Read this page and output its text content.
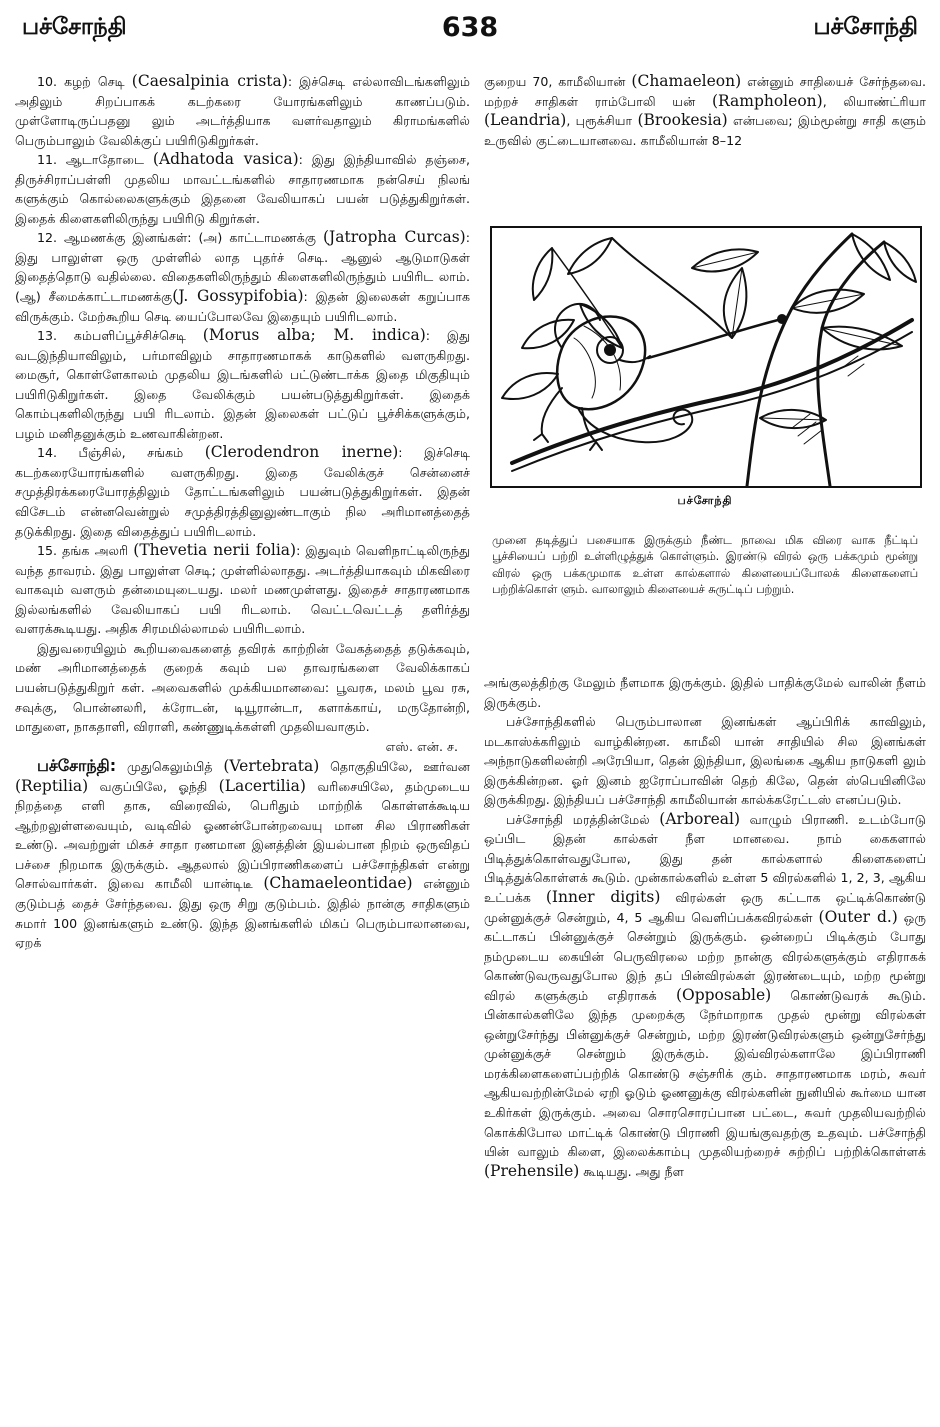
பச்சோந்தி	638	பச்சோந்தி

10. கழற் செடி (Caesalpinia crista): இச்செடி எல்லாவிடங்களிலும் அதிலும் சிறப்பாகக் கடற்கரை யோரங்களிலும் காணப்படும். முள்ளோடிருப்பதனு லும் அடர்த்தியாக வளர்வதாலும் கிராமங்களில் பெரும்பாலும் வேலிக்குப் பயிரிடுகிறுர்கள்.

11. ஆடாதோடை (Adhatoda vasica): இது இந்தியாவில் தஞ்சை, திருச்சிராப்பள்ளி முதலிய மாவட்டங்களில் சாதாரணமாக நன்செய் நிலங் களுக்கும் கொல்லைகளுக்கும் இதனை வேலியாகப் பயன் படுத்துகிறுர்கள். இதைக் கிளைகளிலிருந்து பயிரிடு கிறுர்கள்.

12. ஆமணக்கு இனங்கள்: (அ) காட்டாமணக்கு (Jatropha Curcas): இது பாலுள்ள ஒரு முள்ளில் லாத புதர்ச் செடி. ஆனுல் ஆடுமாடுகள் இதைத்தொடு வதில்லை. விதைகளிலிருந்தும் கிளைகளிலிருந்தும் பயிரிட லாம். (ஆ) சீமைக்காட்டாமணக்கு(J. Gossypifobia): இதன் இலைகள் கறுப்பாக விருக்கும். மேற்கூறிய செடி யைப்போலவே இதையும் பயிரிடலாம்.

13. கம்பளிப்பூச்சிச்செடி (Morus alba; M. indica): இது வடஇந்தியாவிலும், பர்மாவிலும் சாதாரணமாகக் காடுகளில் வளருகிறது. மைசூர், கொள்ளேகாலம் முதலிய இடங்களில் பட்டுண்டாக்க இதை மிகுதியும் பயிரிடுகிறுர்கள். இதை வேலிக்கும் பயன்படுத்துகிறுர்கள். இதைக் கொம்புகளிலிருந்து பயி ரிடலாம். இதன் இலைகள் பட்டுப் பூச்சிக்களுக்கும், பழம் மனிதனுக்கும் உணவாகின்றன.

14. பீஞ்சில், சங்கம் (Clerodendron inerne): இச்செடி கடற்கரையோரங்களில் வளருகிறது. இதை வேலிக்குச் சென்னைச் சமுத்திரக்கரையோரத்திலும் தோட்டங்களிலும் பயன்படுத்துகிறுர்கள். இதன் விசேடம் என்னவென்றுல் சமுத்திரத்தினுலுண்டாகும் நில அரிமானத்தைத் தடுக்கிறது. இதை விதைத்துப் பயிரிடலாம்.

15. தங்க அலரி (Thevetia nerii folia): இதுவும் வெளிநாட்டிலிருந்து வந்த தாவரம். இது பாலுள்ள செடி; முள்ளில்லாதது. அடர்த்தியாகவும் மிகவிரை வாகவும் வளரும் தன்மையுடையது. மலர் மணமுள்ளது. இதைச் சாதாரணமாக இல்லங்களில் வேலியாகப் பயி ரிடலாம். வெட்டவெட்டத் தளிர்த்து வளரக்கூடியது. அதிக சிரமமில்லாமல் பயிரிடலாம்.

இதுவரையிலும் கூறியவைகளைத் தவிரக் காற்றின் வேகத்தைத் தடுக்கவும், மண் அரிமானத்தைக் குறைக் கவும் பல தாவரங்களை வேலிக்காகப் பயன்படுத்துகிறுர் கள். அவைகளில் முக்கியமானவை: பூவரசு, மலம் பூவ ரசு, சவுக்கு, பொன்னலரி, க்ரோடன், டியூரான்டா, களாக்காய், மருதோன்றி, மாதுளை, நாகதாளி, விராளி, கண்ணுடிக்கள்ளி முதலியவாகும்.

எஸ். என். ச.

பச்சோந்தி: முதுகெலும்பித் (Vertebrata) தொகுதியிலே, ஊர்வன (Reptilia) வகுப்பிலே, ஓந்தி (Lacertilia) வரிசையிலே, தம்முடைய நிறத்தை எளி தாக, விரைவில், பெரிதும் மாற்றிக் கொள்ளக்கூடிய ஆற்றலுள்ளவையும், வடிவில் ஓணன்போன்றவையு மான சில பிராணிகள் உண்டு. அவற்றுள் மிகச் சாதா ரணமான இனத்தின் இயல்பான நிறம் ஒருவிதப் பச்சை நிறமாக இருக்கும். ஆதலால் இப்பிராணிகளைப் பச்சோந்திகள் என்று சொல்வார்கள். இவை காமீலி யான்டிடீ (Chamaeleontidae) என்னும் குடும்பத் தைச் சேர்ந்தவை. இது ஒரு சிறு குடும்பம். இதில் நான்கு சாதிகளும் சுமார் 100 இனங்களும் உண்டு. இந்த இனங்களில் மிகப் பெரும்பாலானவை, ஏறக்

குறைய 70, காமீலியான் (Chamaeleon) என்னும் சாதியைச் சேர்ந்தவை. மற்றச் சாதிகள் ராம்போலி யன் (Rampholeon), லியாண்ட்ரியா (Leandria), புரூக்சியா (Brookesia) என்பவை; இம்மூன்று சாதி களும் உருவில் குட்டையானவை. காமீலியான் 8–12

பச்சோந்தி

முனை தடித்துப் பசையாக இருக்கும் நீண்ட நாவை மிக விரை வாக நீட்டிப் பூச்சியைப் பற்றி உள்ளிழுத்துக் கொள்ளும். இரண்டு விரல் ஒரு பக்கமும் மூன்று விரல் ஒரு பக்கமுமாக உள்ள கால்களால் கிளையைப்போலக் கிளைகளைப் பற்றிக்கொள் ளும். வாலாலும் கிளையைச் சுருட்டிப் பற்றும்.

அங்குலத்திற்கு மேலும் நீளமாக இருக்கும். இதில் பாதிக்குமேல் வாலின் நீளம் இருக்கும்.

பச்சோந்திகளில் பெரும்பாலான இனங்கள் ஆப்பிரிக் காவிலும், மடகாஸ்க்கரிலும் வாழ்கின்றன. காமீலி யான் சாதியில் சில இனங்கள் அந்நாடுகளிலன்றி அரேபியா, தென் இந்தியா, இலங்கை ஆகிய நாடுகளி லும் இருக்கின்றன. ஓர் இனம் ஐரோப்பாவின் தெற் கிலே, தென் ஸ்பெயினிலே இருக்கிறது. இந்தியப் பச்சோந்தி காமீலியான் கால்க்கரேட்டஸ் எனப்படும்.

பச்சோந்தி மரத்தின்மேல் (Arboreal) வாழும் பிராணி. உடம்போடு ஒப்பிட இதன் கால்கள் நீள மானவை. நாம் கைகளால் பிடித்துக்கொள்வதுபோல, இது தன் கால்களால் கிளைகளைப் பிடித்துக்கொள்ளக் கூடும். முன்கால்களில் உள்ள 5 விரல்களில் 1, 2, 3, ஆகிய உட்பக்க (Inner digits) விரல்கள் ஒரு கட்டாக ஒட்டிக்கொண்டு முன்னுக்குச் சென்றும், 4, 5 ஆகிய வெளிப்பக்கவிரல்கள் (Outer d.) ஒரு கட்டாகப் பின்னுக்குச் சென்றும் இருக்கும். ஒன்றைப் பிடிக்கும் போது நம்முடைய கையின் பெருவிரலை மற்ற நான்கு விரல்களுக்கும் எதிராகக் கொண்டுவருவதுபோல இந் தப் பின்விரல்கள் இரண்டையும், மற்ற மூன்று விரல் களுக்கும் எதிராகக் (Opposable) கொண்டுவரக் கூடும். பின்கால்களிலே இந்த முறைக்கு நேர்மாறாக முதல் மூன்று விரல்கள் ஒன்றுசேர்ந்து பின்னுக்குச் சென்றும், மற்ற இரண்டுவிரல்களும் ஒன்றுசேர்ந்து முன்னுக்குச் சென்றும் இருக்கும். இவ்விரல்களாலே இப்பிராணி மரக்கிளைகளைப்பற்றிக் கொண்டு சஞ்சரிக் கும். சாதாரணமாக மரம், சுவர் ஆகியவற்றின்மேல் ஏறி ஓடும் ஓணனுக்கு விரல்களின் நுனியில் கூர்மை யான உகிர்கள் இருக்கும். அவை சொரசொரப்பான பட்டை, சுவர் முதலியவற்றில் கொக்கிபோல மாட்டிக் கொண்டு பிராணி இயங்குவதற்கு உதவும். பச்சோந்தி யின் வாலும் கிளை, இலைக்காம்பு முதலியற்றைச் சுற்றிப் பற்றிக்கொள்ளக் (Prehensile) கூடியது. அது நீள
